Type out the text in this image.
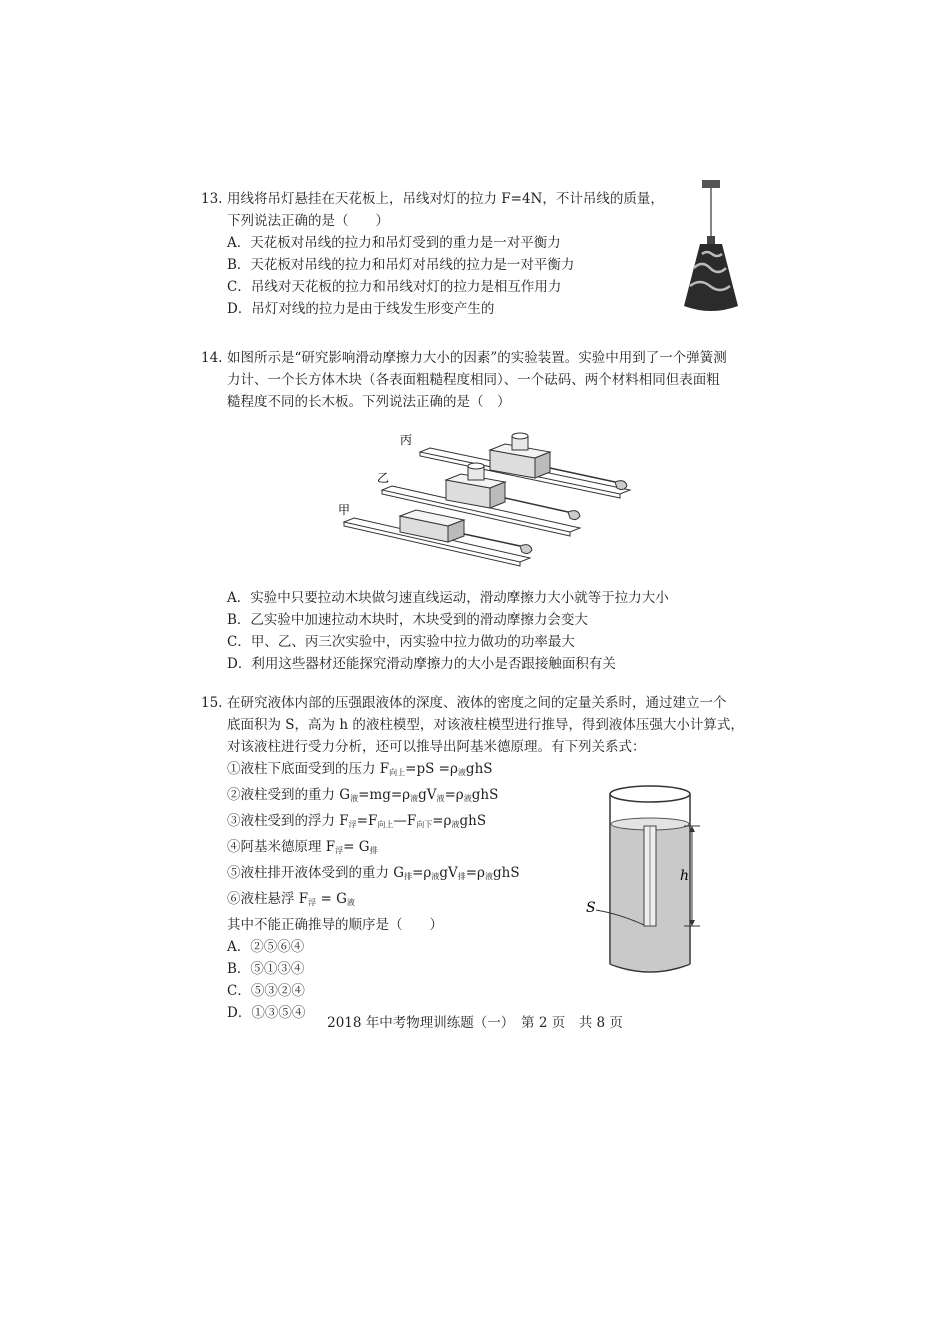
13. 用线将吊灯悬挂在天花板上，吊线对灯的拉力 F=4N，不计吊线的质量，
下列说法正确的是（　　）
A．天花板对吊线的拉力和吊灯受到的重力是一对平衡力
B．天花板对吊线的拉力和吊灯对吊线的拉力是一对平衡力
C．吊线对天花板的拉力和吊线对灯的拉力是相互作用力
D．吊灯对线的拉力是由于线发生形变产生的
14. 如图所示是“研究影响滑动摩擦力大小的因素”的实验装置。实验中用到了一个弹簧测
力计、一个长方体木块（各表面粗糙程度相同）、一个砝码、两个材料相同但表面粗
糙程度不同的长木板。下列说法正确的是（　）
丙
乙
甲
A．实验中只要拉动木块做匀速直线运动，滑动摩擦力大小就等于拉力大小
B．乙实验中加速拉动木块时，木块受到的滑动摩擦力会变大
C．甲、乙、丙三次实验中，丙实验中拉力做功的功率最大
D．利用这些器材还能探究滑动摩擦力的大小是否跟接触面积有关
15. 在研究液体内部的压强跟液体的深度、液体的密度之间的定量关系时，通过建立一个
底面积为 S，高为 h 的液柱模型，对该液柱模型进行推导，得到液体压强大小计算式，
对该液柱进行受力分析，还可以推导出阿基米德原理。有下列关系式：
①液柱下底面受到的压力 $F_{向上}=pS =\rho_液ghS$
②液柱受到的重力 $G_液=mg=\rho_液gV_液=\rho_液ghS$
③液柱受到的浮力 $F_浮=F_{向上}—F_{向下}=\rho_液ghS$
④阿基米德原理 $F_浮= G_排$
⑤液柱排开液体受到的重力 $G_排=\rho_液gV_排=\rho_液ghS$
⑥液柱悬浮 $F_浮 = G_液$
其中不能正确推导的顺序是（　　）
A．②⑤⑥④
B．⑤①③④
C．⑤③②④
D．①③⑤④
h
S
2018 年中考物理训练题（一）　第 2 页　共 8 页
